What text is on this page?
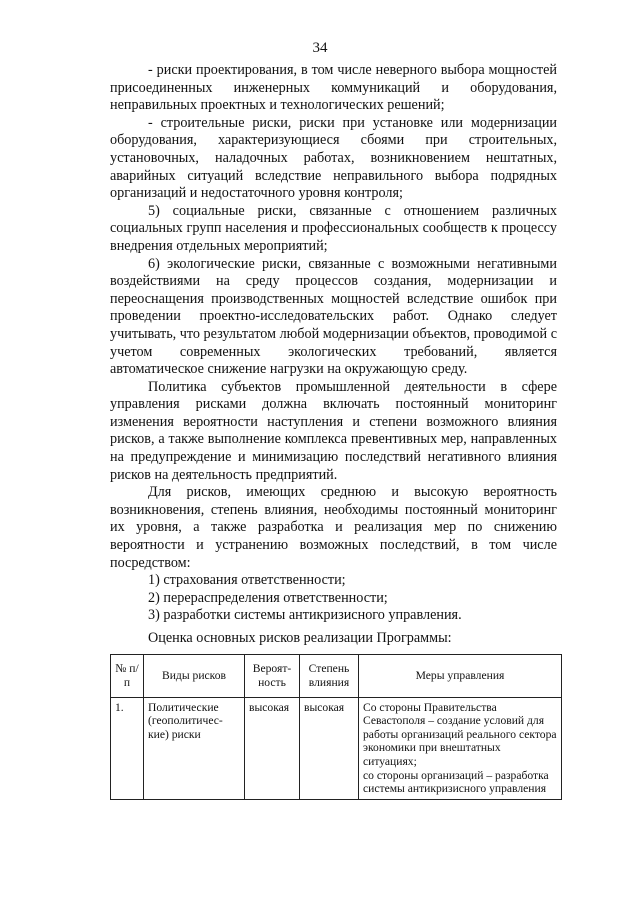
34

- риски проектирования, в том числе неверного выбора мощностей присоединенных инженерных коммуникаций и оборудования, неправильных проектных и технологических решений;

- строительные риски, риски при установке или модернизации оборудования, характеризующиеся сбоями при строительных, установочных, наладочных работах, возникновением нештатных, аварийных ситуаций вследствие неправильного выбора подрядных организаций и недостаточного уровня контроля;

5) социальные риски, связанные с отношением различных социальных групп населения и профессиональных сообществ к процессу внедрения отдельных мероприятий;

6) экологические риски, связанные с возможными негативными воздействиями на среду процессов создания, модернизации и переоснащения производственных мощностей вследствие ошибок при проведении проектно-исследовательских работ. Однако следует учитывать, что результатом любой модернизации объектов, проводимой с учетом современных экологических требований, является автоматическое снижение нагрузки на окружающую среду.

Политика субъектов промышленной деятельности в сфере управления рисками должна включать постоянный мониторинг изменения вероятности наступления и степени возможного влияния рисков, а также выполнение комплекса превентивных мер, направленных на предупреждение и минимизацию последствий негативного влияния рисков на деятельность предприятий.

Для рисков, имеющих среднюю и высокую вероятность возникновения, степень влияния, необходимы постоянный мониторинг их уровня, а также разработка и реализация мер по снижению вероятности и устранению возможных последствий, в том числе посредством:

1) страхования ответственности;
2) перераспределения ответственности;
3) разработки системы антикризисного управления.
Оценка основных рисков реализации Программы:
№ п/п	Виды рисков	Вероят-ность	Степень влияния	Меры управления
1.	Политические (геополитичес-кие) риски	высокая	высокая	Со стороны Правительства Севастополя – создание условий для работы организаций реального сектора экономики при внештатных ситуациях;
со стороны организаций – разработка системы антикризисного управления
